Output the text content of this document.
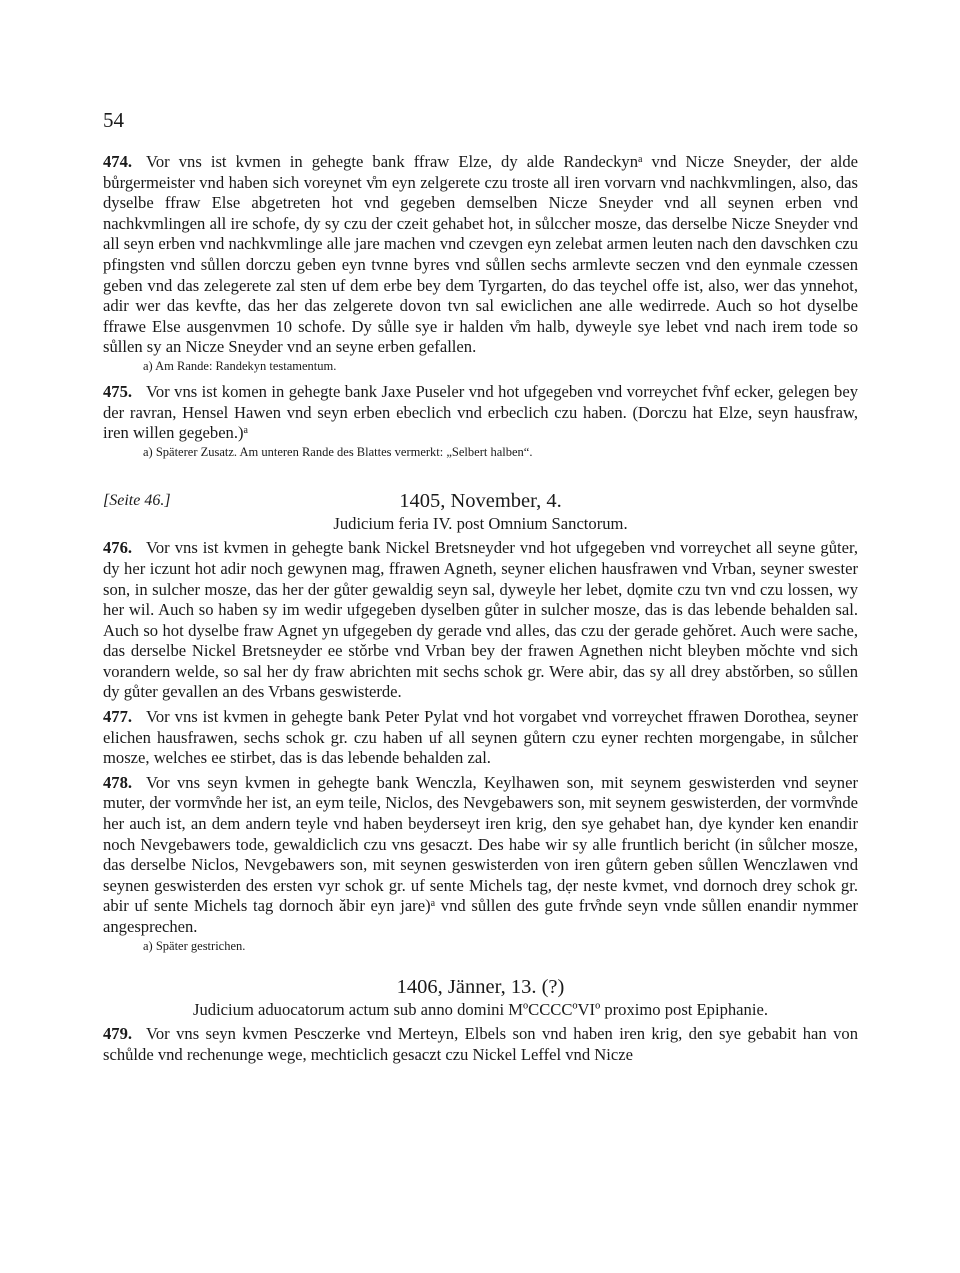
54

474. Vor vns ist kvmen in gehegte bank ffraw Elze, dy alde Randeckyn$^a$ vnd Nicze Sneyder, der alde bůrgermeister vnd haben sich voreynet v̊m eyn zelgerete czu troste all iren vorvarn vnd nachkvmlingen, also, das dyselbe ffraw Else abgetreten hot vnd gegeben demselben Nicze Sneyder vnd all seynen erben vnd nachkvmlingen all ire schofe, dy sy czu der czeit gehabet hot, in sůlccher mosze, das derselbe Nicze Sneyder vnd all seyn erben vnd nachkvmlinge alle jare machen vnd czevgen eyn zelebat armen leuten nach den davschken czu pfingsten vnd sůllen dorczu geben eyn tvnne byres vnd sůllen sechs armlevte seczen vnd den eynmale czessen geben vnd das zelegerete zal sten uf dem erbe bey dem Tyrgarten, do das teychel offe ist, also, wer das ynnehot, adir wer das kevfte, das her das zelgerete dovon tvn sal ewiclichen ane alle wedirrede. Auch so hot dyselbe ffrawe Else ausgenvmen 10 schofe. Dy sůlle sye ir halden v̊m halb, dyweyle sye lebet vnd nach irem tode so sůllen sy an Nicze Sneyder vnd an seyne erben gefallen.

a) Am Rande: Randekyn testamentum.

475. Vor vns ist komen in gehegte bank Jaxe Puseler vnd hot ufgegeben vnd vorreychet fv̊nf ecker, gelegen bey der ravran, Hensel Hawen vnd seyn erben ebeclich vnd erbeclich czu haben. (Dorczu hat Elze, seyn hausfraw, iren willen gegeben.)$^a$

a) Späterer Zusatz. Am unteren Rande des Blattes vermerkt: „Selbert halben“.
[Seite 46.]	1405, November, 4.
Judicium feria IV. post Omnium Sanctorum.

476. Vor vns ist kvmen in gehegte bank Nickel Bretsneyder vnd hot ufgegeben vnd vorreychet all seyne gůter, dy her iczunt hot adir noch gewynen mag, ffrawen Agneth, seyner elichen hausfrawen vnd Vrban, seyner swester son, in sulcher mosze, das her der gůter gewaldig seyn sal, dyweyle her lebet, dǫmite czu tvn vnd czu lossen, wy her wil. Auch so haben sy im wedir ufgegeben dyselben gůter in sulcher mosze, das is das lebende behalden sal. Auch so hot dyselbe fraw Agnet yn ufgegeben dy gerade vnd alles, das czu der gerade gehǒret. Auch were sache, das derselbe Nickel Bretsneyder ee stǒrbe vnd Vrban bey der frawen Agnethen nicht bleyben mǒchte vnd sich vorandern welde, so sal her dy fraw abrichten mit sechs schok gr. Were abir, das sy all drey abstǒrben, so sůllen dy gůter gevallen an des Vrbans geswisterde.

477. Vor vns ist kvmen in gehegte bank Peter Pylat vnd hot vorgabet vnd vorreychet ffrawen Dorothea, seyner elichen hausfrawen, sechs schok gr. czu haben uf all seynen gůtern czu eyner rechten morgengabe, in sůlcher mosze, welches ee stirbet, das is das lebende behalden zal.

478. Vor vns seyn kvmen in gehegte bank Wenczla, Keylhawen son, mit seynem geswisterden vnd seyner muter, der vormv̊nde her ist, an eym teile, Niclos, des Nevgebawers son, mit seynem geswisterden, der vormv̊nde her auch ist, an dem andern teyle vnd haben beyderseyt iren krig, den sye gehabet han, dye kynder ken enandir noch Nevgebawers tode, gewaldiclich czu vns gesaczt. Des habe wir sy alle fruntlich bericht (in sůlcher mosze, das derselbe Niclos, Nevgebawers son, mit seynen geswisterden von iren gůtern geben sůllen Wenczlawen vnd seynen geswisterden des ersten vyr schok gr. uf sente Michels tag, dẹr neste kvmet, vnd dornoch drey schok gr. abir uf sente Michels tag dornoch ǎbir eyn jare)$^a$ vnd sůllen des gute frv̊nde seyn vnde sůllen enandir nymmer angesprechen.

a) Später gestrichen.
1406, Jänner, 13. (?)
Judicium aduocatorum actum sub anno domini MºCCCCºVIº proximo post Epiphanie.

479. Vor vns seyn kvmen Pesczerke vnd Merteyn, Elbels son vnd haben iren krig, den sye gebabit han von schůlde vnd rechenunge wege, mechticlich gesaczt czu Nickel Leffel vnd Nicze
